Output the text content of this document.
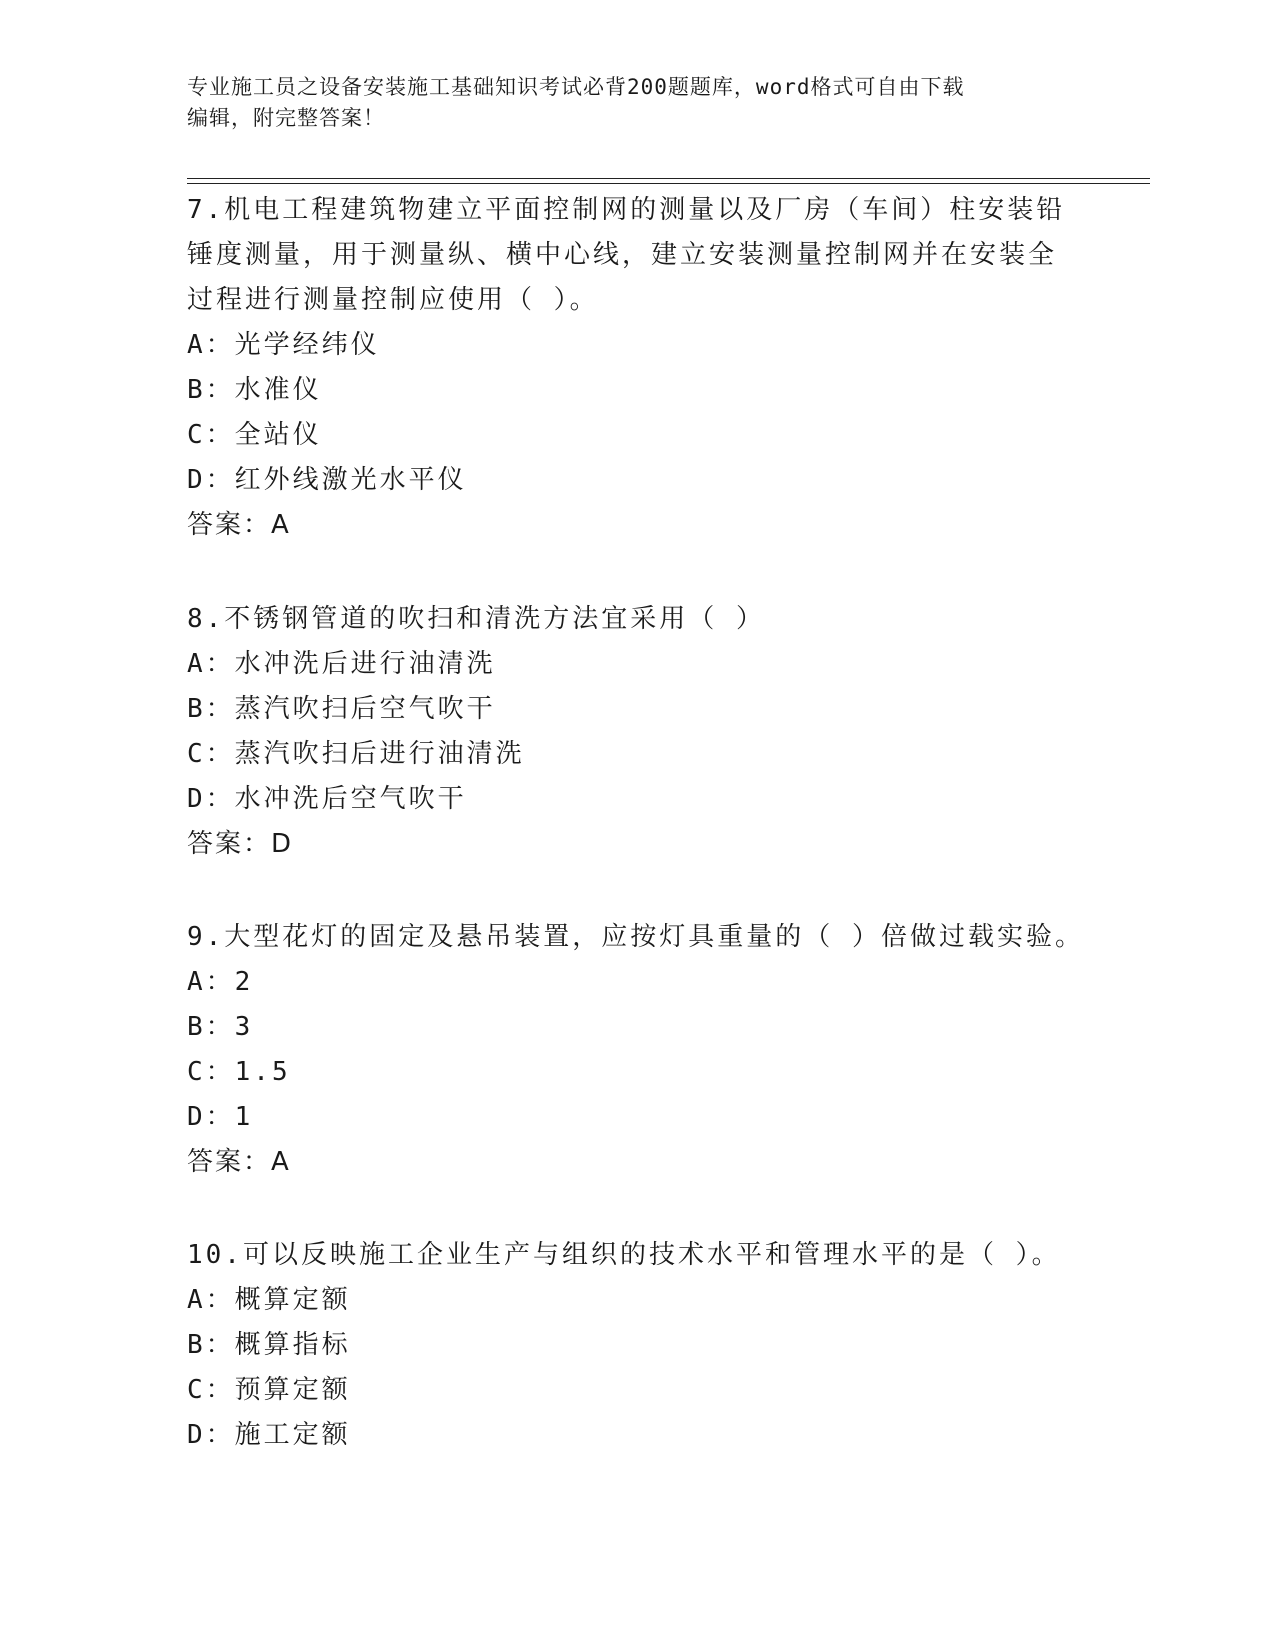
专业施工员之设备安装施工基础知识考试必背200题题库，word格式可自由下载
编辑，附完整答案！

7.机电工程建筑物建立平面控制网的测量以及厂房（车间）柱安装铅

锤度测量，用于测量纵、横中心线，建立安装测量控制网并在安装全

过程进行测量控制应使用（ ）。

A：光学经纬仪

B：水准仪

C：全站仪

D：红外线激光水平仪

答案：A

8.不锈钢管道的吹扫和清洗方法宜采用（ ）

A：水冲洗后进行油清洗

B：蒸汽吹扫后空气吹干

C：蒸汽吹扫后进行油清洗

D：水冲洗后空气吹干

答案：D

9.大型花灯的固定及悬吊装置，应按灯具重量的（ ）倍做过载实验。

A：2

B：3

C：1.5

D：1

答案：A

10.可以反映施工企业生产与组织的技术水平和管理水平的是（ ）。

A：概算定额

B：概算指标

C：预算定额

D：施工定额
